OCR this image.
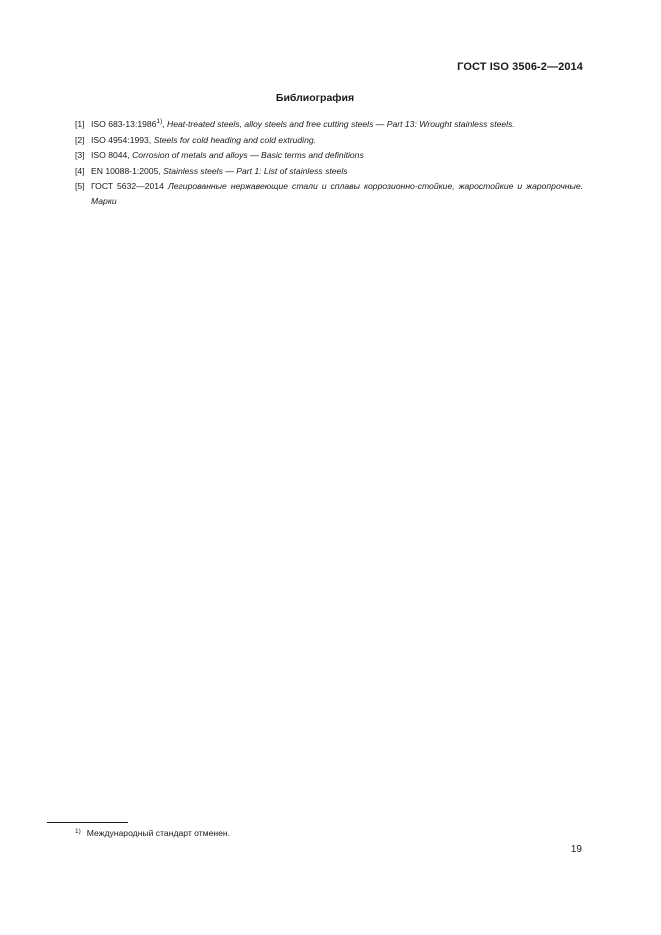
ГОСТ ISO 3506-2—2014
Библиография
[1] ISO 683-13:1986$^{1)}$, Heat-treated steels, alloy steels and free cutting steels — Part 13: Wrought stainless steels.
[2] ISO 4954:1993, Steels for cold heading and cold extruding.
[3] ISO 8044, Corrosion of metals and alloys — Basic terms and definitions
[4] EN 10088-1:2005, Stainless steels — Part 1: List of stainless steels
[5] ГОСТ 5632—2014 Легированные нержавеющие стали и сплавы коррозионно-стойкие, жаростойкие и жаропрочные. Марки
$^{1)}$ Международный стандарт отменен.
19
